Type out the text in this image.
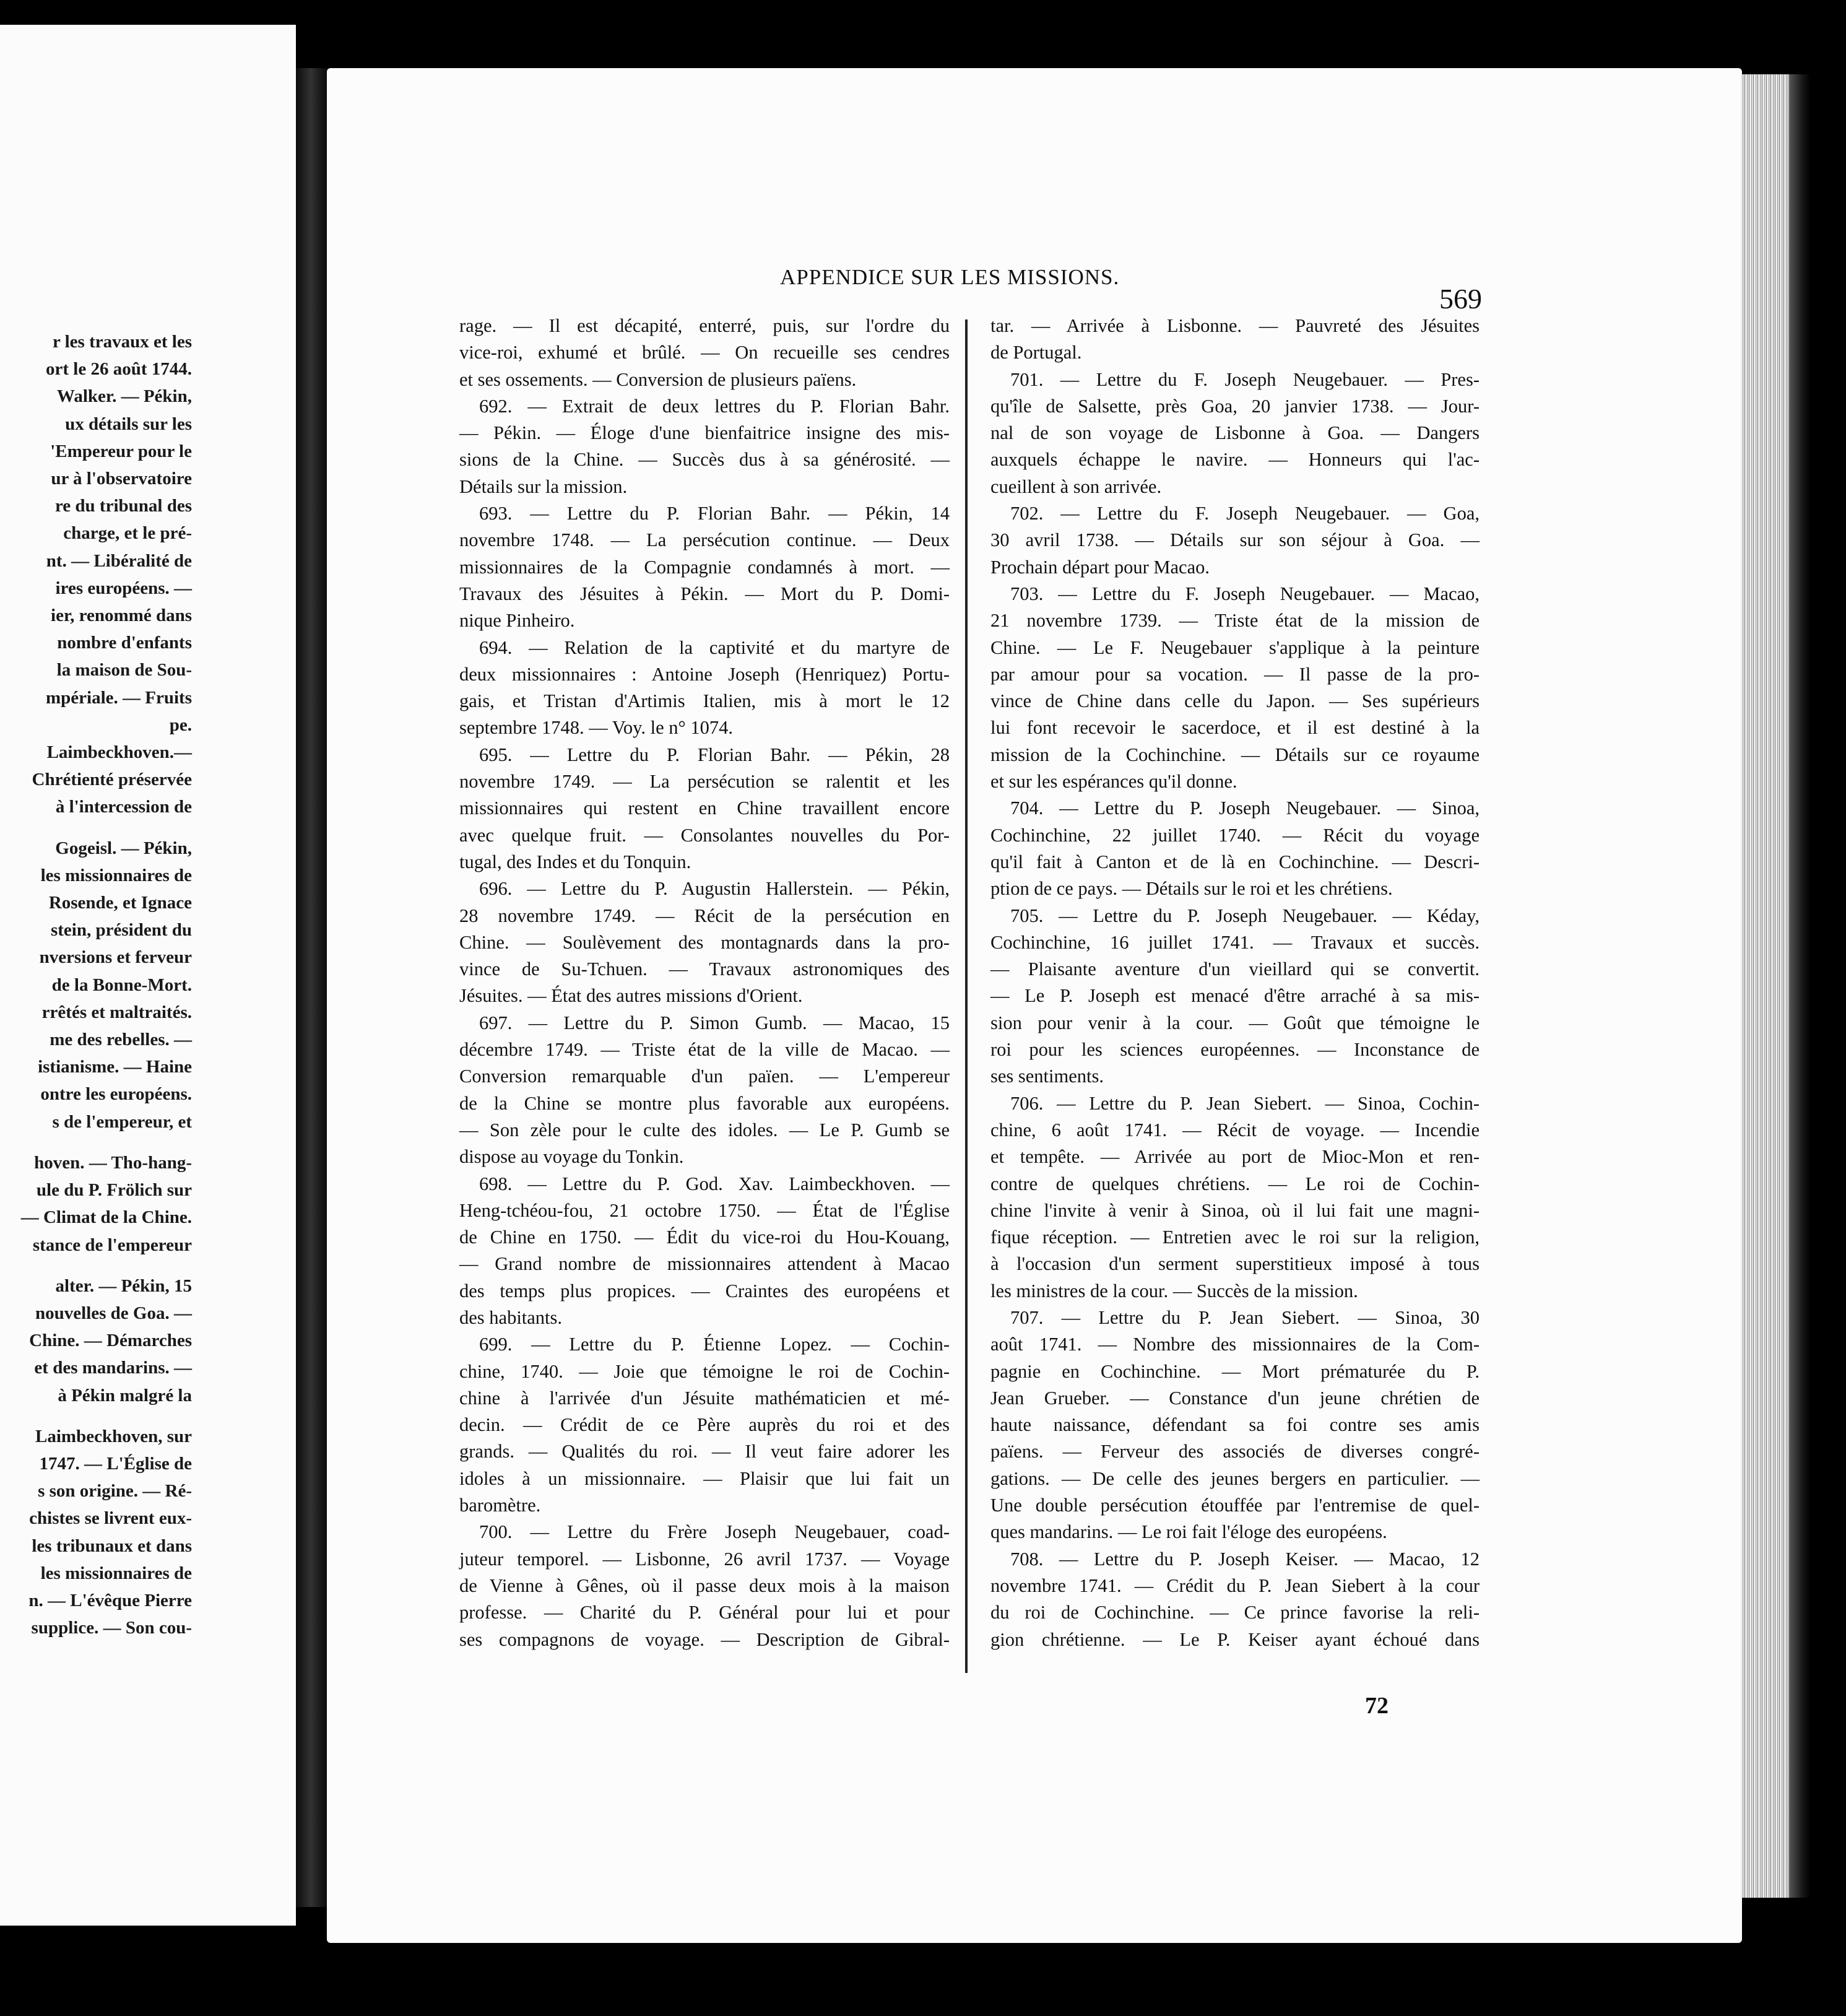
r les travaux et les
ort le 26 août 1744.
Walker. — Pékin,
ux détails sur les
'Empereur pour le
ur à l'observatoire
re du tribunal des
charge, et le pré-
nt. — Libéralité de
ires européens. —
ier, renommé dans
nombre d'enfants
la maison de Sou-
mpériale. — Fruits
pe.
Laimbeckhoven.—
Chrétienté préservée
à l'intercession de
Gogeisl. — Pékin,
les missionnaires de
Rosende, et Ignace
stein, président du
nversions et ferveur
de la Bonne-Mort.
rrêtés et maltraités.
me des rebelles. —
istianisme. — Haine
ontre les européens.
s de l'empereur, et
hoven. — Tho-hang-
ule du P. Frölich sur
— Climat de la Chine.
stance de l'empereur
alter. — Pékin, 15
nouvelles de Goa. —
Chine. — Démarches
et des mandarins. —
à Pékin malgré la
Laimbeckhoven, sur
1747. — L'Église de
s son origine. — Ré-
chistes se livrent eux-
les tribunaux et dans
les missionnaires de
n. — L'évêque Pierre
supplice. — Son cou-
APPENDICE SUR LES MISSIONS.
569
rage. — Il est décapité, enterré, puis, sur l'ordre du
vice-roi, exhumé et brûlé. — On recueille ses cendres
et ses ossements. — Conversion de plusieurs païens.
692. — Extrait de deux lettres du P. Florian Bahr.
— Pékin. — Éloge d'une bienfaitrice insigne des mis-
sions de la Chine. — Succès dus à sa générosité. —
Détails sur la mission.
693. — Lettre du P. Florian Bahr. — Pékin, 14
novembre 1748. — La persécution continue. — Deux
missionnaires de la Compagnie condamnés à mort. —
Travaux des Jésuites à Pékin. — Mort du P. Domi-
nique Pinheiro.
694. — Relation de la captivité et du martyre de
deux missionnaires : Antoine Joseph (Henriquez) Portu-
gais, et Tristan d'Artimis Italien, mis à mort le 12
septembre 1748. — Voy. le n° 1074.
695. — Lettre du P. Florian Bahr. — Pékin, 28
novembre 1749. — La persécution se ralentit et les
missionnaires qui restent en Chine travaillent encore
avec quelque fruit. — Consolantes nouvelles du Por-
tugal, des Indes et du Tonquin.
696. — Lettre du P. Augustin Hallerstein. — Pékin,
28 novembre 1749. — Récit de la persécution en
Chine. — Soulèvement des montagnards dans la pro-
vince de Su-Tchuen. — Travaux astronomiques des
Jésuites. — État des autres missions d'Orient.
697. — Lettre du P. Simon Gumb. — Macao, 15
décembre 1749. — Triste état de la ville de Macao. —
Conversion remarquable d'un païen. — L'empereur
de la Chine se montre plus favorable aux européens.
— Son zèle pour le culte des idoles. — Le P. Gumb se
dispose au voyage du Tonkin.
698. — Lettre du P. God. Xav. Laimbeckhoven. —
Heng-tchéou-fou, 21 octobre 1750. — État de l'Église
de Chine en 1750. — Édit du vice-roi du Hou-Kouang,
— Grand nombre de missionnaires attendent à Macao
des temps plus propices. — Craintes des européens et
des habitants.
699. — Lettre du P. Étienne Lopez. — Cochin-
chine, 1740. — Joie que témoigne le roi de Cochin-
chine à l'arrivée d'un Jésuite mathématicien et mé-
decin. — Crédit de ce Père auprès du roi et des
grands. — Qualités du roi. — Il veut faire adorer les
idoles à un missionnaire. — Plaisir que lui fait un
baromètre.
700. — Lettre du Frère Joseph Neugebauer, coad-
juteur temporel. — Lisbonne, 26 avril 1737. — Voyage
de Vienne à Gênes, où il passe deux mois à la maison
professe. — Charité du P. Général pour lui et pour
ses compagnons de voyage. — Description de Gibral-
tar. — Arrivée à Lisbonne. — Pauvreté des Jésuites
de Portugal.
701. — Lettre du F. Joseph Neugebauer. — Pres-
qu'île de Salsette, près Goa, 20 janvier 1738. — Jour-
nal de son voyage de Lisbonne à Goa. — Dangers
auxquels échappe le navire. — Honneurs qui l'ac-
cueillent à son arrivée.
702. — Lettre du F. Joseph Neugebauer. — Goa,
30 avril 1738. — Détails sur son séjour à Goa. —
Prochain départ pour Macao.
703. — Lettre du F. Joseph Neugebauer. — Macao,
21 novembre 1739. — Triste état de la mission de
Chine. — Le F. Neugebauer s'applique à la peinture
par amour pour sa vocation. — Il passe de la pro-
vince de Chine dans celle du Japon. — Ses supérieurs
lui font recevoir le sacerdoce, et il est destiné à la
mission de la Cochinchine. — Détails sur ce royaume
et sur les espérances qu'il donne.
704. — Lettre du P. Joseph Neugebauer. — Sinoa,
Cochinchine, 22 juillet 1740. — Récit du voyage
qu'il fait à Canton et de là en Cochinchine. — Descri-
ption de ce pays. — Détails sur le roi et les chrétiens.
705. — Lettre du P. Joseph Neugebauer. — Kéday,
Cochinchine, 16 juillet 1741. — Travaux et succès.
— Plaisante aventure d'un vieillard qui se convertit.
— Le P. Joseph est menacé d'être arraché à sa mis-
sion pour venir à la cour. — Goût que témoigne le
roi pour les sciences européennes. — Inconstance de
ses sentiments.
706. — Lettre du P. Jean Siebert. — Sinoa, Cochin-
chine, 6 août 1741. — Récit de voyage. — Incendie
et tempête. — Arrivée au port de Mioc-Mon et ren-
contre de quelques chrétiens. — Le roi de Cochin-
chine l'invite à venir à Sinoa, où il lui fait une magni-
fique réception. — Entretien avec le roi sur la religion,
à l'occasion d'un serment superstitieux imposé à tous
les ministres de la cour. — Succès de la mission.
707. — Lettre du P. Jean Siebert. — Sinoa, 30
août 1741. — Nombre des missionnaires de la Com-
pagnie en Cochinchine. — Mort prématurée du P.
Jean Grueber. — Constance d'un jeune chrétien de
haute naissance, défendant sa foi contre ses amis
païens. — Ferveur des associés de diverses congré-
gations. — De celle des jeunes bergers en particulier. —
Une double persécution étouffée par l'entremise de quel-
ques mandarins. — Le roi fait l'éloge des européens.
708. — Lettre du P. Joseph Keiser. — Macao, 12
novembre 1741. — Crédit du P. Jean Siebert à la cour
du roi de Cochinchine. — Ce prince favorise la reli-
gion chrétienne. — Le P. Keiser ayant échoué dans
72
